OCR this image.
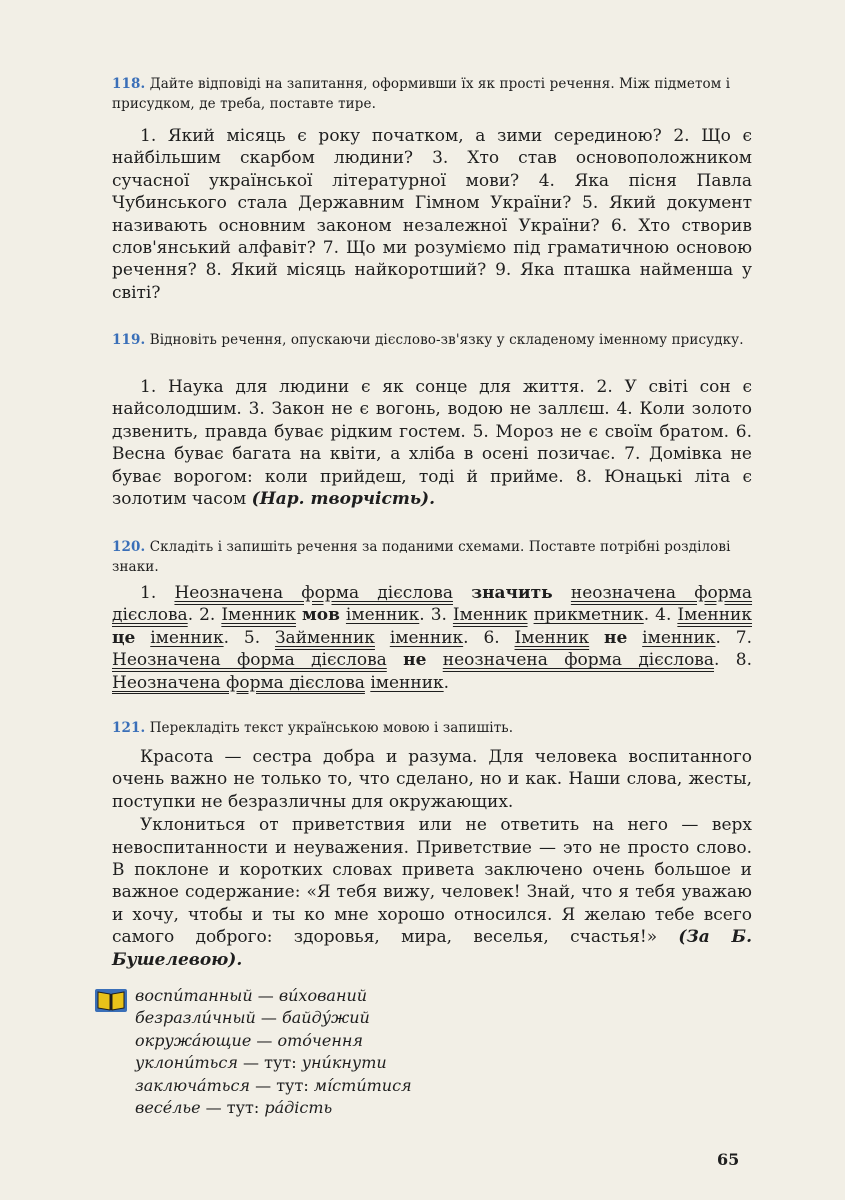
118. Дайте відповіді на запитання, оформивши їх як прості речення. Між підметом і присудком, де треба, поставте тире.

1. Який місяць є року початком, а зими серединою? 2. Що є найбільшим скарбом людини? 3. Хто став основоположником сучасної української літературної мови? 4. Яка пісня Павла Чубинського стала Державним Гімном України? 5. Який документ називають основним законом незалежної України? 6. Хто створив слов'янський алфавіт? 7. Що ми розуміємо під граматичною основою речення? 8. Який місяць найкоротший? 9. Яка пташка найменша у світі?

119. Відновіть речення, опускаючи дієслово-зв'язку у складеному іменному присудку.

1. Наука для людини є як сонце для життя. 2. У світі сон є найсолодшим. 3. Закон не є вогонь, водою не заллєш. 4. Коли золото дзвенить, правда буває рідким гостем. 5. Мороз не є своїм братом. 6. Весна буває багата на квіти, а хліба в осені позичає. 7. Домівка не буває ворогом: коли прийдеш, тоді й прийме. 8. Юнацькі літа є золотим часом (Нар. творчість).

120. Складіть і запишіть речення за поданими схемами. Поставте потрібні розділові знаки.

1. Неозначена форма дієслова значить неозначена форма дієслова. 2. Іменник мов іменник. 3. Іменник прикметник. 4. Іменник це іменник. 5. Займенник іменник. 6. Іменник не іменник. 7. Неозначена форма дієслова не неозначена форма дієслова. 8. Неозначена форма дієслова іменник.

121. Перекладіть текст українською мовою і запишіть.

Красота — сестра добра и разума. Для человека воспитанного очень важно не только то, что сделано, но и как. Наши слова, жесты, поступки не безразличны для окружающих.

Уклониться от приветствия или не ответить на него — верх невоспитанности и неуважения. Приветствие — это не просто слово. В поклоне и коротких словах привета заключено очень большое и важное содержание: «Я тебя вижу, человек! Знай, что я тебя уважаю и хочу, чтобы и ты ко мне хорошо относился. Я желаю тебе всего самого доброго: здоровья, мира, веселья, счастья!» (За Б. Бушелевою).

воспи́танный — ви́хований
безразли́чный — байду́жий
окружа́ющие — ото́чення
уклони́ться — тут: уни́кнути
заключа́ться — тут: мі́сти́тися
весе́лье — тут: ра́дість
65
